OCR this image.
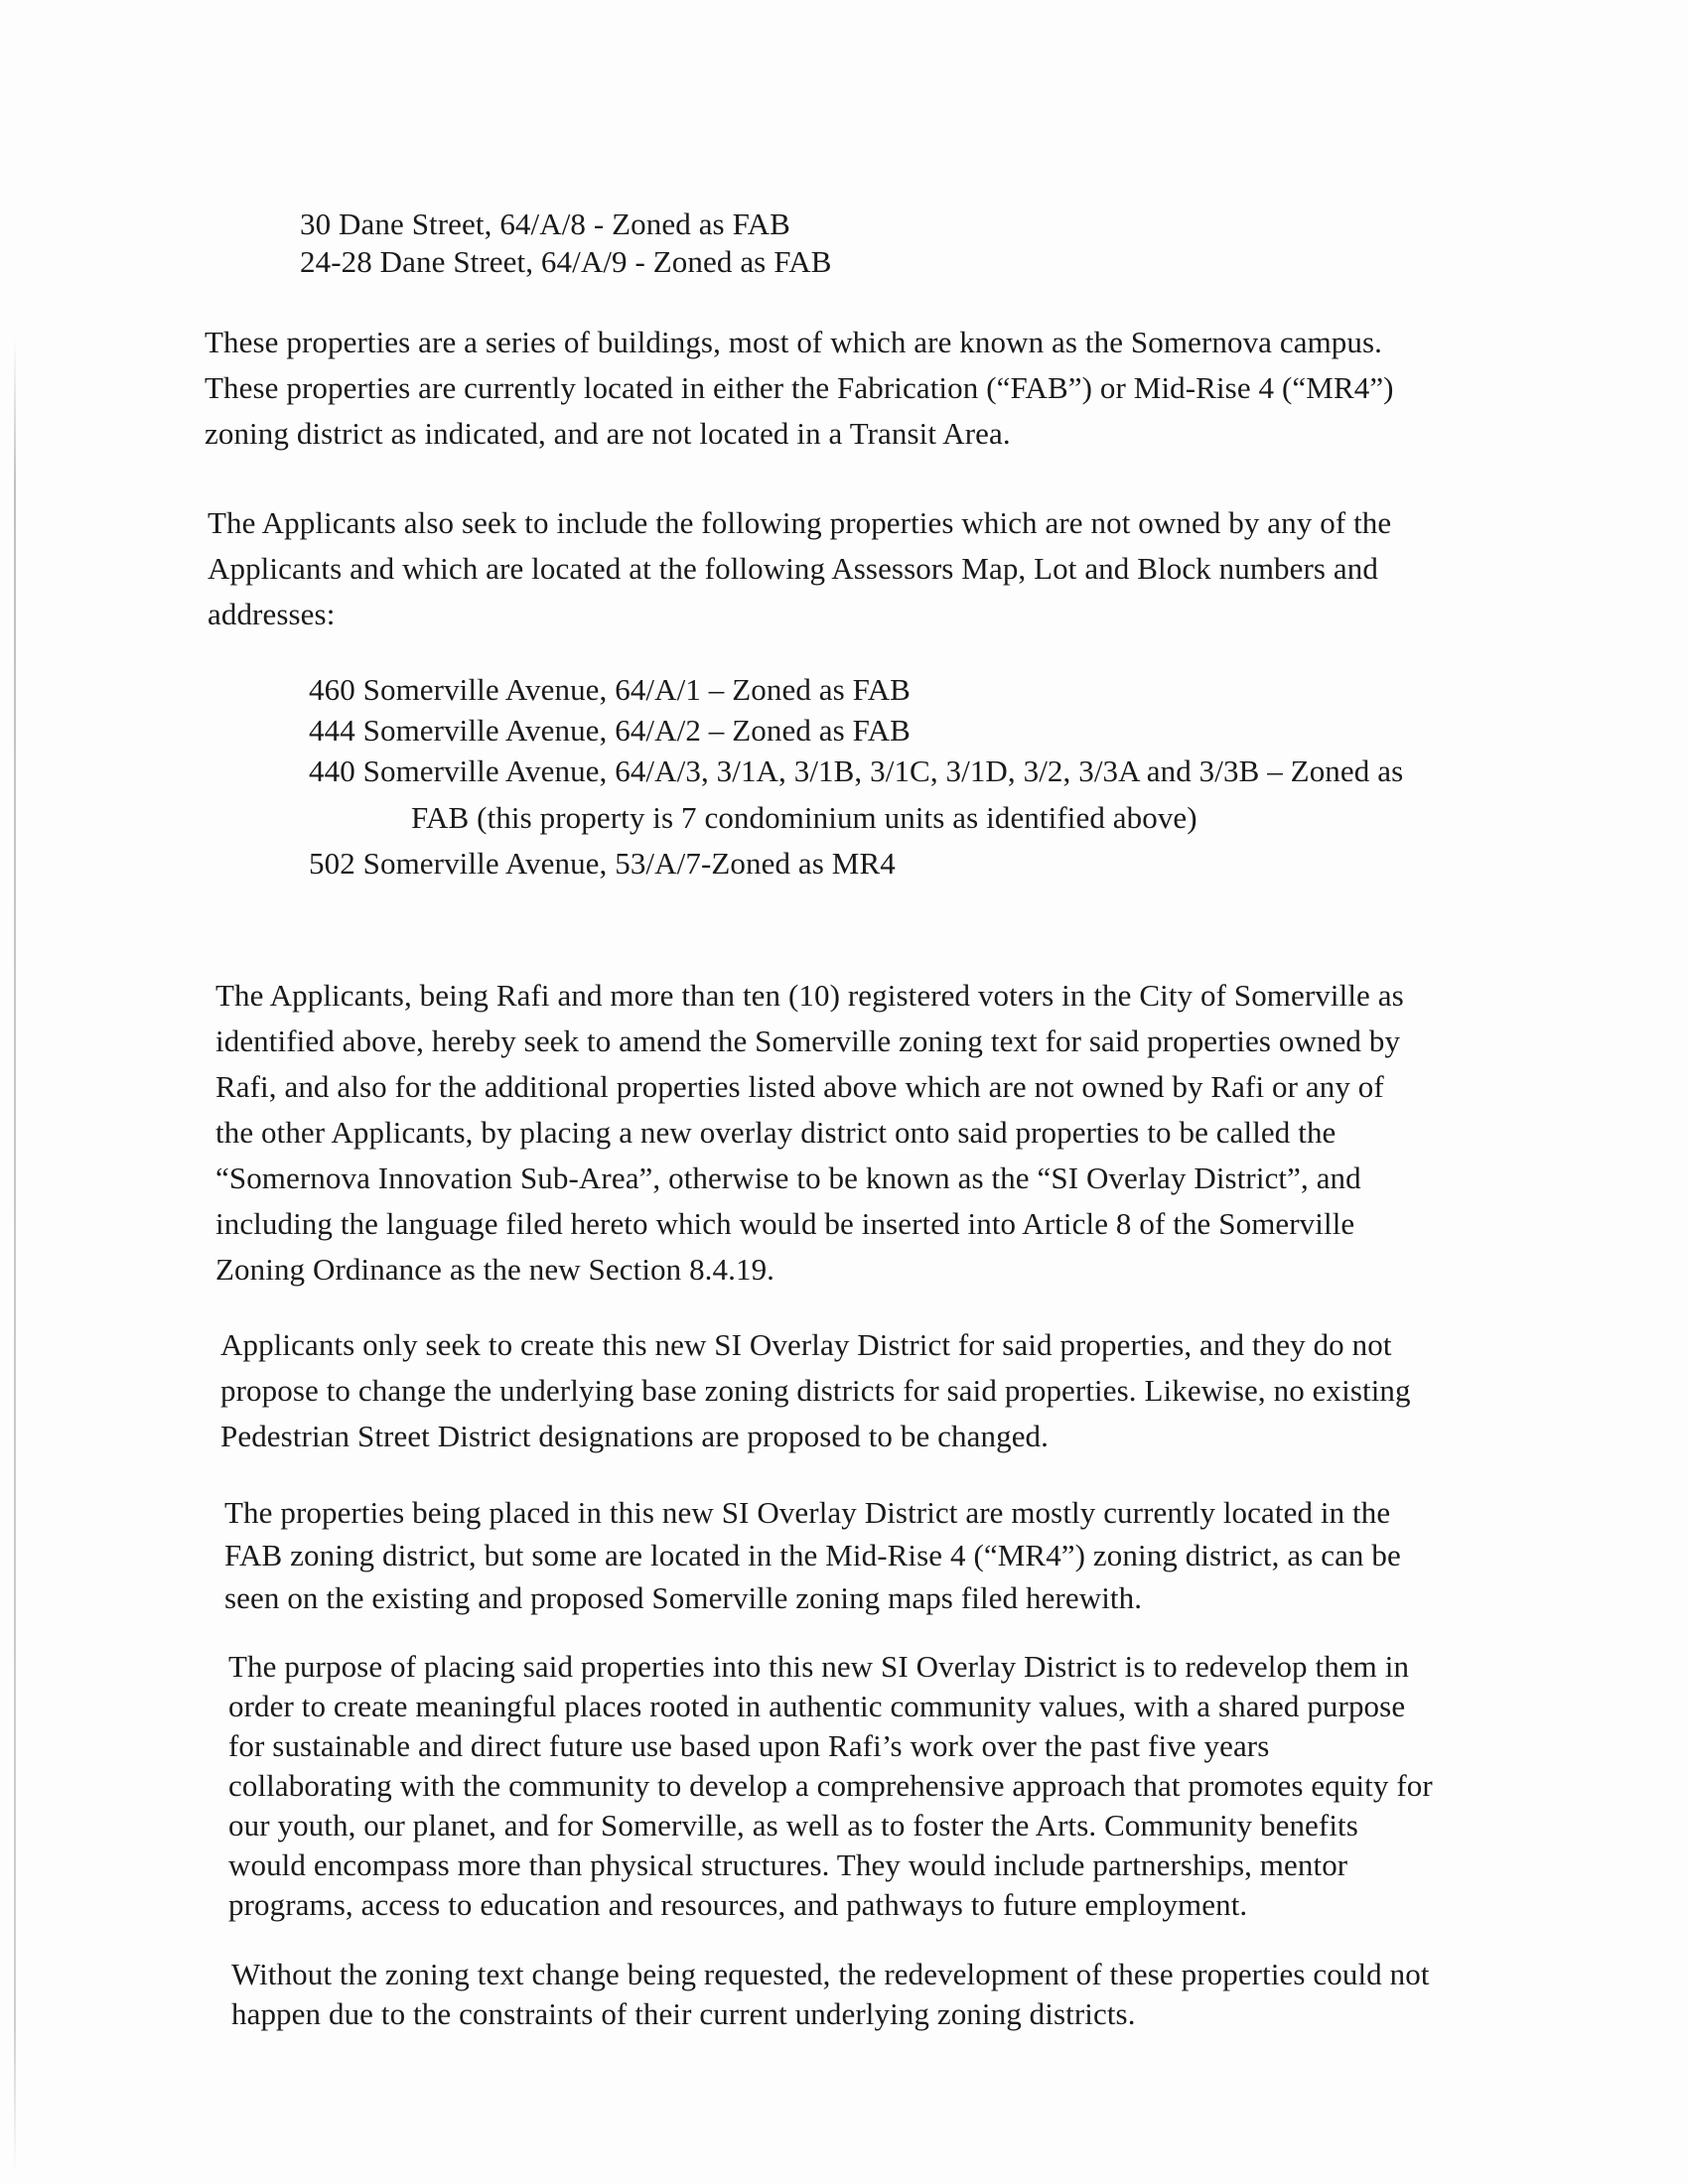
30 Dane Street, 64/A/8 - Zoned as FAB
24-28 Dane Street, 64/A/9 - Zoned as FAB
These properties are a series of buildings, most of which are known as the Somernova campus.
These properties are currently located in either the Fabrication (“FAB”) or Mid-Rise 4 (“MR4”)
zoning district as indicated, and are not located in a Transit Area.
The Applicants also seek to include the following properties which are not owned by any of the
Applicants and which are located at the following Assessors Map, Lot and Block numbers and
addresses:
460 Somerville Avenue, 64/A/1 – Zoned as FAB
444 Somerville Avenue, 64/A/2 – Zoned as FAB
440 Somerville Avenue, 64/A/3, 3/1A, 3/1B, 3/1C, 3/1D, 3/2, 3/3A and 3/3B – Zoned as
FAB (this property is 7 condominium units as identified above)
502 Somerville Avenue, 53/A/7-Zoned as MR4
The Applicants, being Rafi and more than ten (10) registered voters in the City of Somerville as
identified above, hereby seek to amend the Somerville zoning text for said properties owned by
Rafi, and also for the additional properties listed above which are not owned by Rafi or any of
the other Applicants, by placing a new overlay district onto said properties to be called the
“Somernova Innovation Sub-Area”, otherwise to be known as the “SI Overlay District”, and
including the language filed hereto which would be inserted into Article 8 of the Somerville
Zoning Ordinance as the new Section 8.4.19.
Applicants only seek to create this new SI Overlay District for said properties, and they do not
propose to change the underlying base zoning districts for said properties. Likewise, no existing
Pedestrian Street District designations are proposed to be changed.
The properties being placed in this new SI Overlay District are mostly currently located in the
FAB zoning district, but some are located in the Mid-Rise 4 (“MR4”) zoning district, as can be
seen on the existing and proposed Somerville zoning maps filed herewith.
The purpose of placing said properties into this new SI Overlay District is to redevelop them in
order to create meaningful places rooted in authentic community values, with a shared purpose
for sustainable and direct future use based upon Rafi’s work over the past five years
collaborating with the community to develop a comprehensive approach that promotes equity for
our youth, our planet, and for Somerville, as well as to foster the Arts. Community benefits
would encompass more than physical structures. They would include partnerships, mentor
programs, access to education and resources, and pathways to future employment.
Without the zoning text change being requested, the redevelopment of these properties could not
happen due to the constraints of their current underlying zoning districts.
